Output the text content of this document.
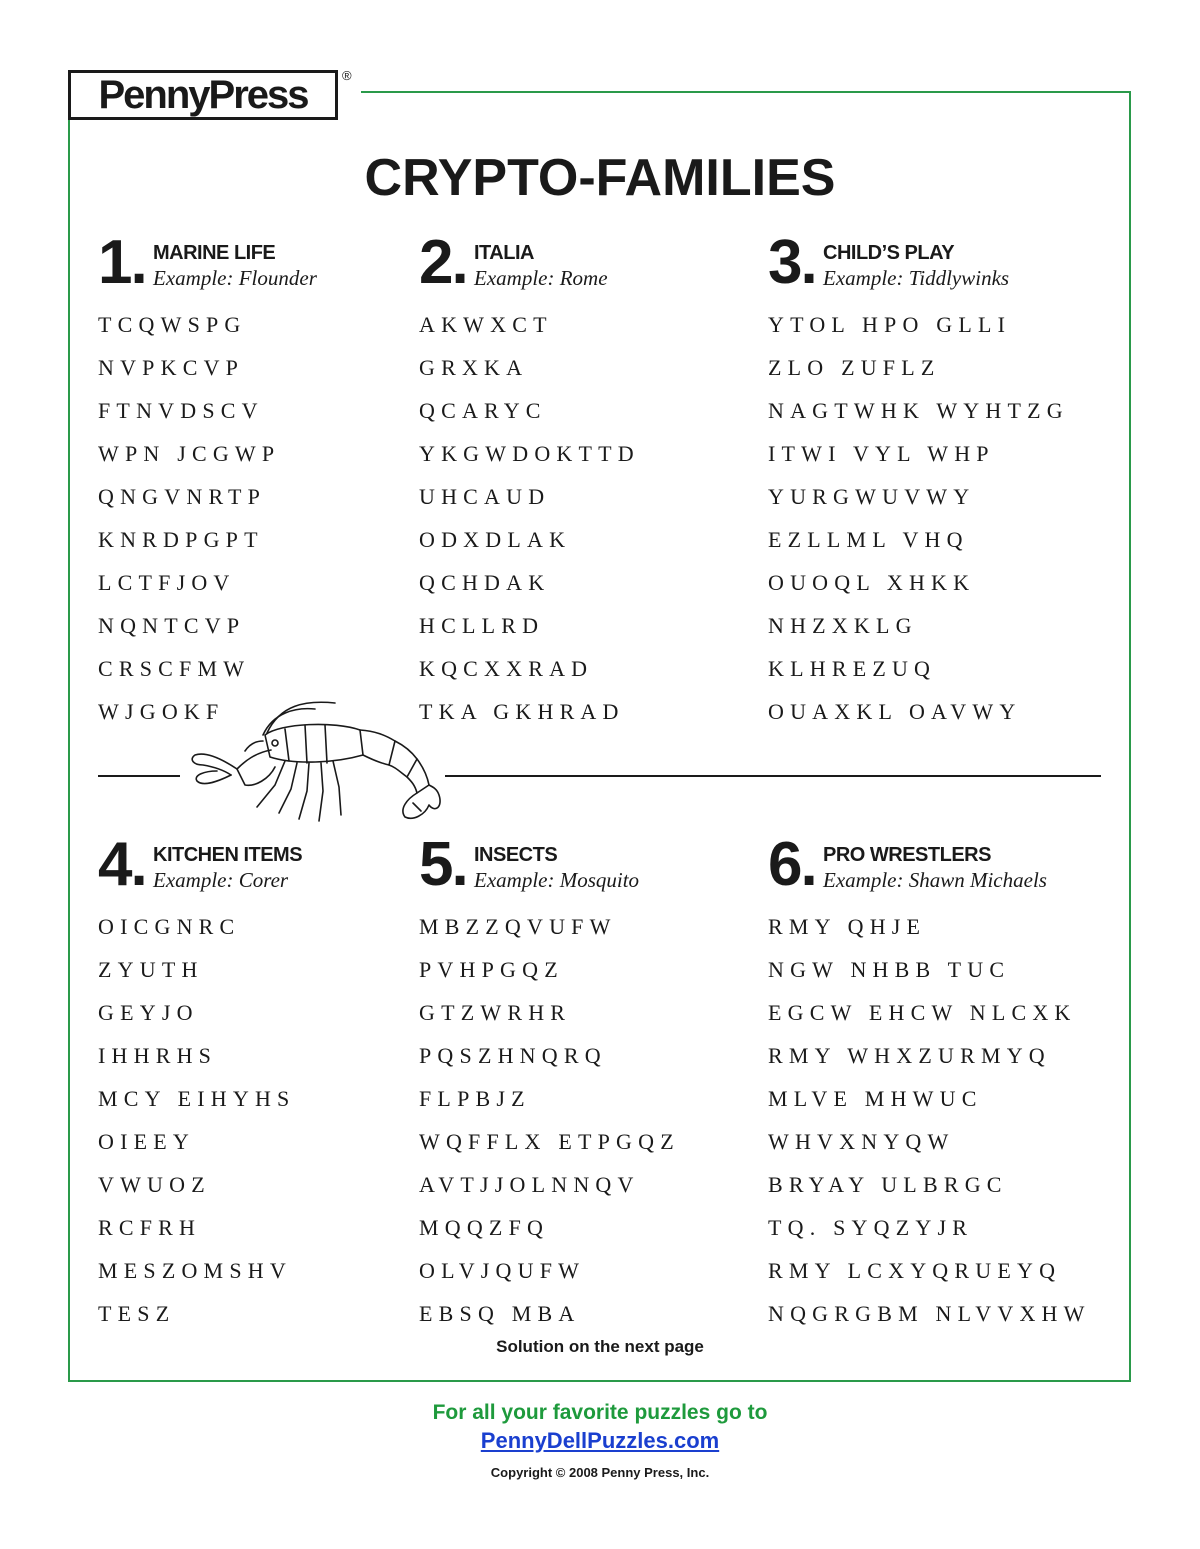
PennyPress	®
CRYPTO-FAMILIES
1. MARINE LIFE
Example: Flounder
TCQWSPG
NVPKCVP
FTNVDSCV
WPN JCGWP
QNGVNRTP
KNRDPGPT
LCTFJOV
NQNTCVP
CRSCFMW
WJGOKF
2. ITALIA
Example: Rome
AKWXCT
GRXKA
QCARYC
YKGWDOKTTD
UHCAUD
ODXDLAK
QCHDAK
HCLLRD
KQCXXRAD
TKA GKHRAD
3. CHILD’S PLAY
Example: Tiddlywinks
YTOL HPO GLLI
ZLO ZUFLZ
NAGTWHK WYHTZG
ITWI VYL WHP
YURGWUVWY
EZLLML VHQ
OUOQL XHKK
NHZXKLG
KLHREZUQ
OUAXKL OAVWY
4. KITCHEN ITEMS
Example: Corer
OICGNRC
ZYUTH
GEYJO
IHHRHS
MCY EIHYHS
OIEEY
VWUOZ
RCFRH
MESZOMSHV
TESZ
5. INSECTS
Example: Mosquito
MBZZQVUFW
PVHPGQZ
GTZWRHR
PQSZHNQRQ
FLPBJZ
WQFFLX ETPGQZ
AVTJJOLNNQV
MQQZFQ
OLVJQUFW
EBSQ MBA
6. PRO WRESTLERS
Example: Shawn Michaels
RMY QHJE
NGW NHBB TUC
EGCW EHCW NLCXK
RMY WHXZURMYQ
MLVE MHWUC
WHVXNYQW
BRYAY ULBRGC
TQ. SYQZYJR
RMY LCXYQRUEYQ
NQGRGBM NLVVXHW
Solution on the next page
For all your favorite puzzles go to
PennyDellPuzzles.com
Copyright © 2008 Penny Press, Inc.
